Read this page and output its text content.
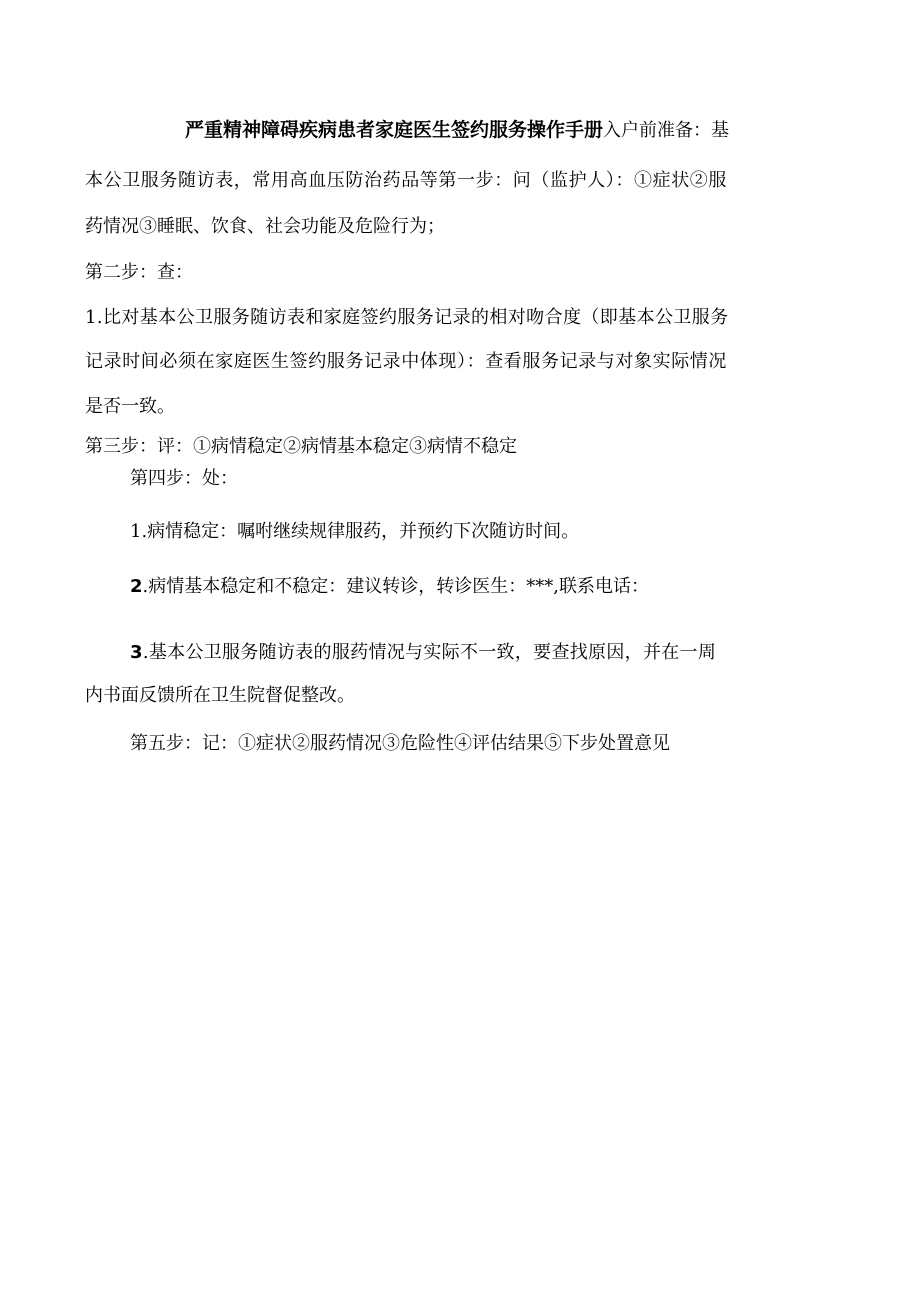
严重精神障碍疾病患者家庭医生签约服务操作手册入户前准备：基
本公卫服务随访表，常用高血压防治药品等第一步：问（监护人）：①症状②服
药情况③睡眠、饮食、社会功能及危险行为；
第二步：查：
1.比对基本公卫服务随访表和家庭签约服务记录的相对吻合度（即基本公卫服务
记录时间必须在家庭医生签约服务记录中体现）：查看服务记录与对象实际情况
是否一致。
第三步：评：①病情稳定②病情基本稳定③病情不稳定
第四步：处：
1.病情稳定：嘱咐继续规律服药，并预约下次随访时间。
2.病情基本稳定和不稳定：建议转诊，转诊医生：***,联系电话：
3.基本公卫服务随访表的服药情况与实际不一致，要查找原因，并在一周
内书面反馈所在卫生院督促整改。
第五步：记：①症状②服药情况③危险性④评估结果⑤下步处置意见
